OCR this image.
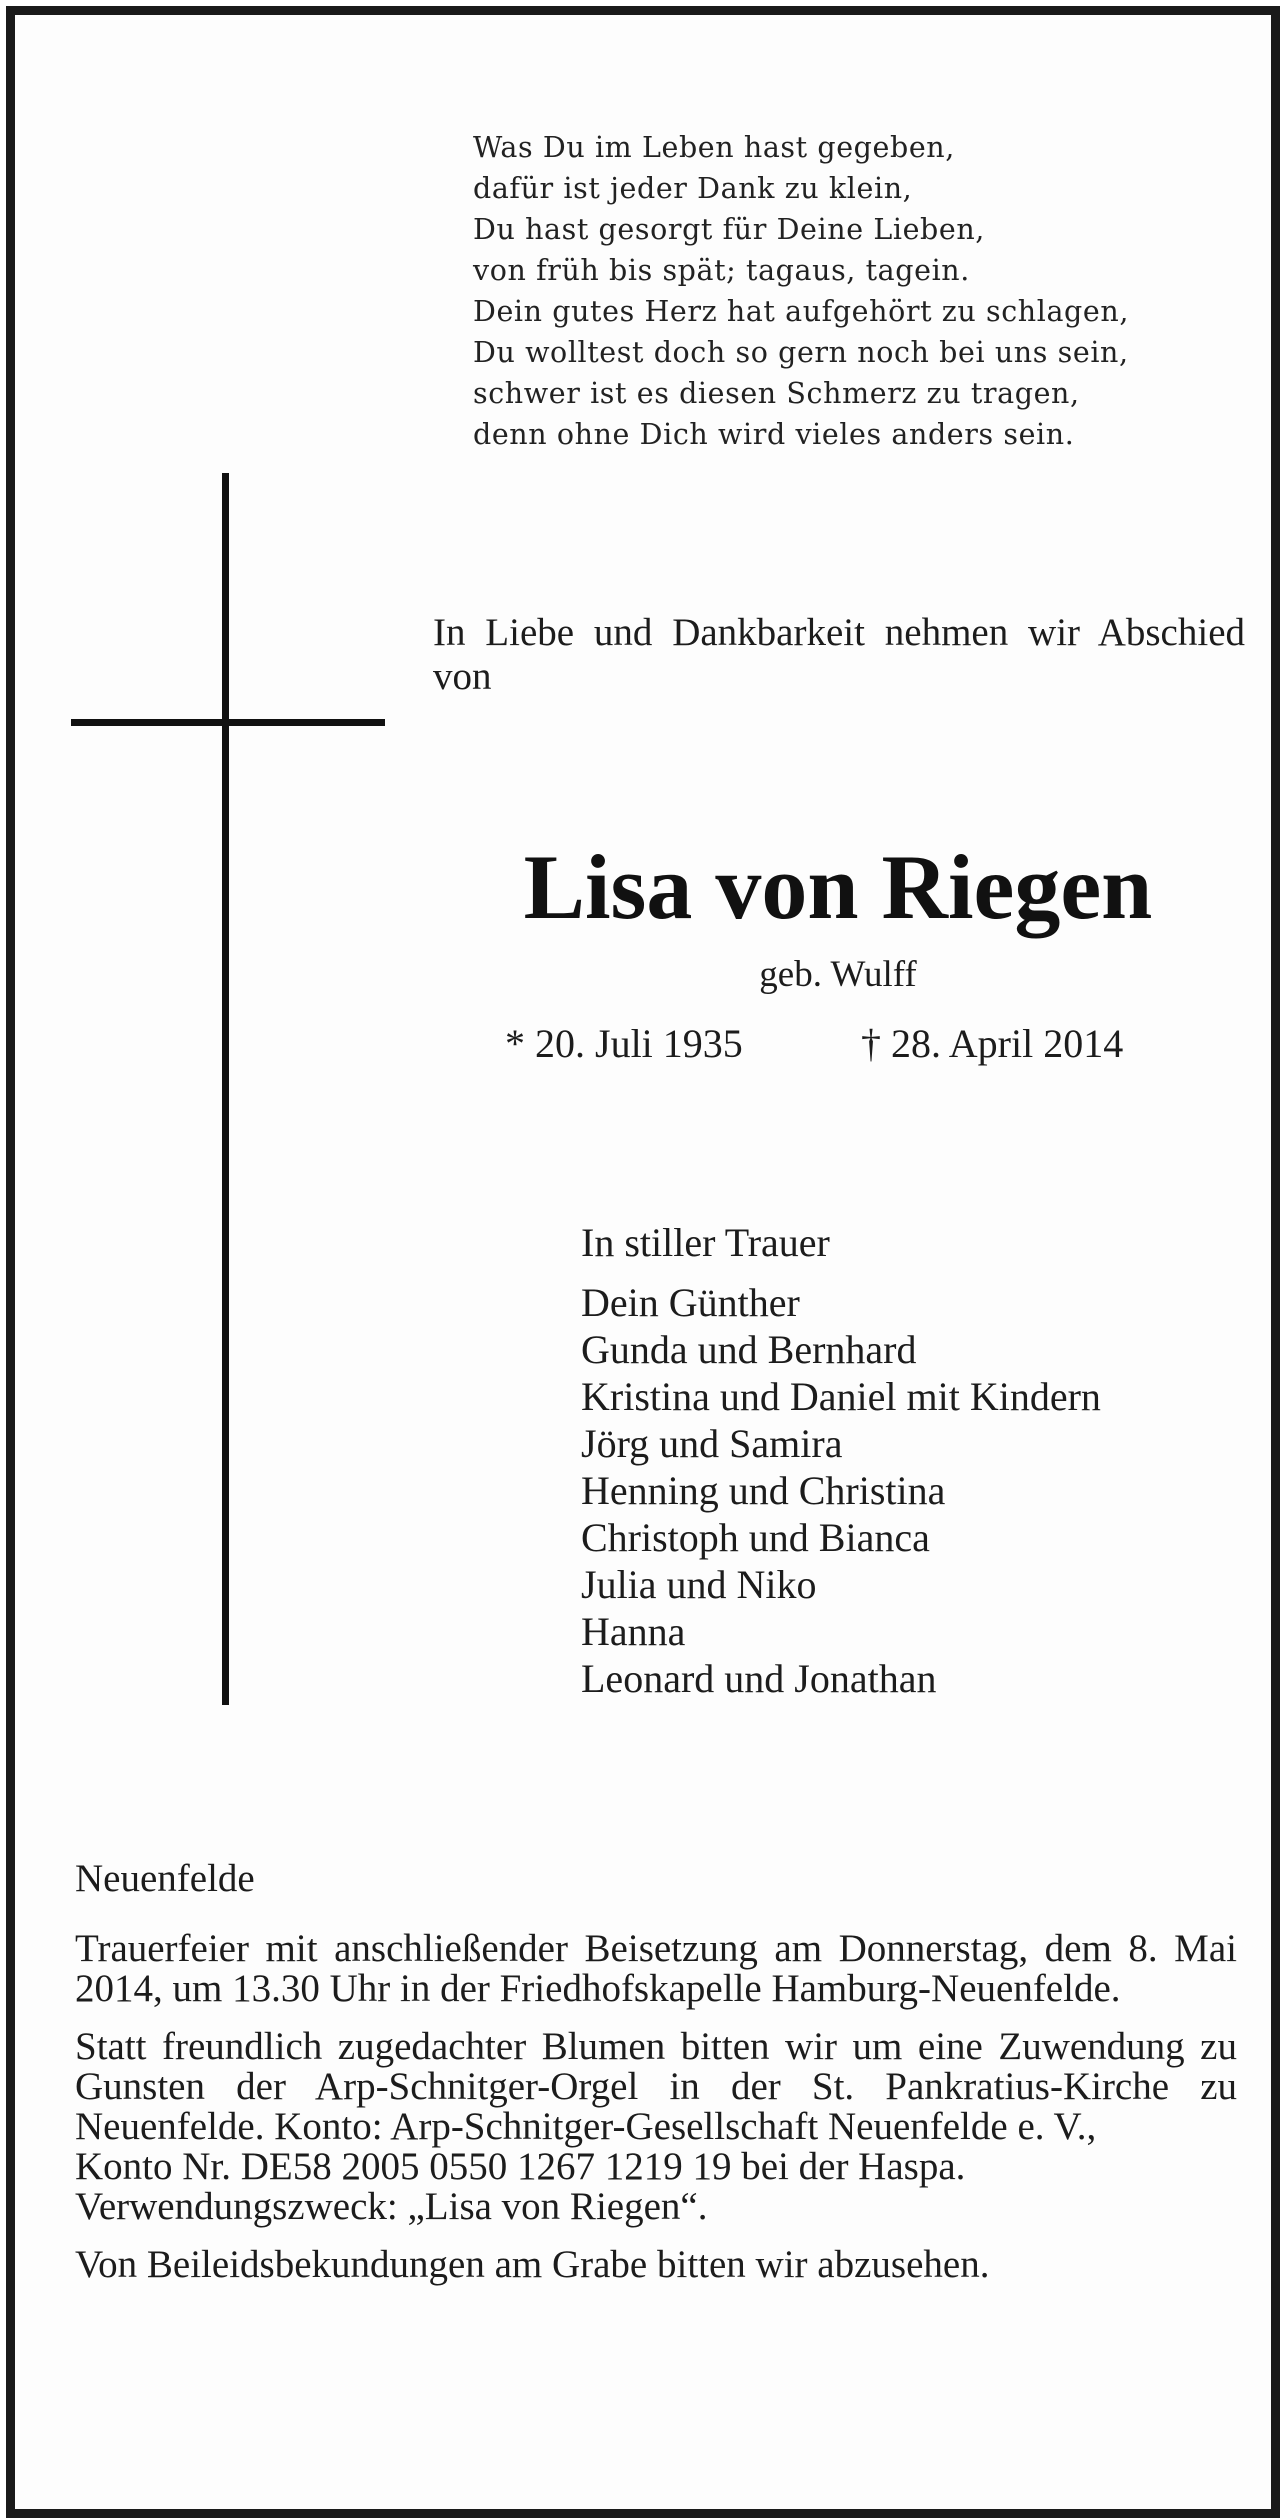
Was Du im Leben hast gegeben,
dafür ist jeder Dank zu klein,
Du hast gesorgt für Deine Lieben,
von früh bis spät; tagaus, tagein.
Dein gutes Herz hat aufgehört zu schlagen,
Du wolltest doch so gern noch bei uns sein,
schwer ist es diesen Schmerz zu tragen,
denn ohne Dich wird vieles anders sein.
In Liebe und Dankbarkeit nehmen wir Abschied von
Lisa von Riegen
geb. Wulff
* 20. Juli 1935	† 28. April 2014
In stiller Trauer
Dein Günther
Gunda und Bernhard
Kristina und Daniel mit Kindern
Jörg und Samira
Henning und Christina
Christoph und Bianca
Julia und Niko
Hanna
Leonard und Jonathan

Neuenfelde

Trauerfeier mit anschließender Beisetzung am Donnerstag, dem 8. Mai 2014, um 13.30 Uhr in der Friedhofskapelle Hamburg-Neuenfelde.

Statt freundlich zugedachter Blumen bitten wir um eine Zuwendung zu Gunsten der Arp-Schnitger-Orgel in der St. Pankratius-Kirche zu Neuenfelde. Konto: Arp-Schnitger-Gesellschaft Neuenfelde e. V.,

Konto Nr. DE58 2005 0550 1267 1219 19 bei der Haspa.
Verwendungszweck: „Lisa von Riegen“.

Von Beileidsbekundungen am Grabe bitten wir abzusehen.
